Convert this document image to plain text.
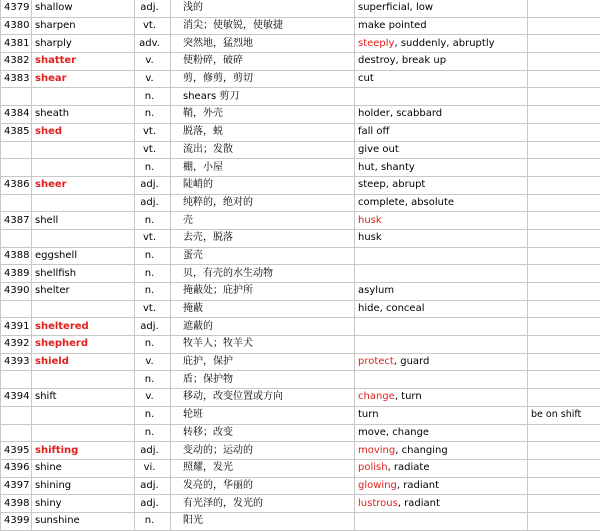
4379	shallow	adj.	浅的	superficial, low	
4380	sharpen	vt.	消尖；使敏锐，使敏捷	make pointed	
4381	sharply	adv.	突然地，猛烈地	steeply, suddenly, abruptly	
4382	shatter	v.	使粉碎，破碎	destroy, break up	
4383	shear	v.	剪，修剪，剪切	cut	
		n.	shears 剪刀		
4384	sheath	n.	鞘，外壳	holder, scabbard	
4385	shed	vt.	脱落，蜕	fall off	
		vt.	流出；发散	give out	
		n.	棚，小屋	hut, shanty	
4386	sheer	adj.	陡峭的	steep, abrupt	
		adj.	纯粹的，绝对的	complete, absolute	
4387	shell	n.	壳	husk	
		vt.	去壳，脱落	husk	
4388	eggshell	n.	蛋壳		
4389	shellfish	n.	贝，有壳的水生动物		
4390	shelter	n.	掩蔽处；庇护所	asylum	
		vt.	掩蔽	hide, conceal	
4391	sheltered	adj.	遮蔽的		
4392	shepherd	n.	牧羊人；牧羊犬		
4393	shield	v.	庇护，保护	protect, guard	
		n.	盾；保护物		
4394	shift	v.	移动，改变位置或方向	change, turn	
		n.	轮班	turn	be on shift
		n.	转移；改变	move, change	
4395	shifting	adj.	变动的；运动的	moving, changing	
4396	shine	vi.	照耀，发光	polish, radiate	
4397	shining	adj.	发亮的，华丽的	glowing, radiant	
4398	shiny	adj.	有光泽的，发光的	lustrous, radiant	
4399	sunshine	n.	阳光		
